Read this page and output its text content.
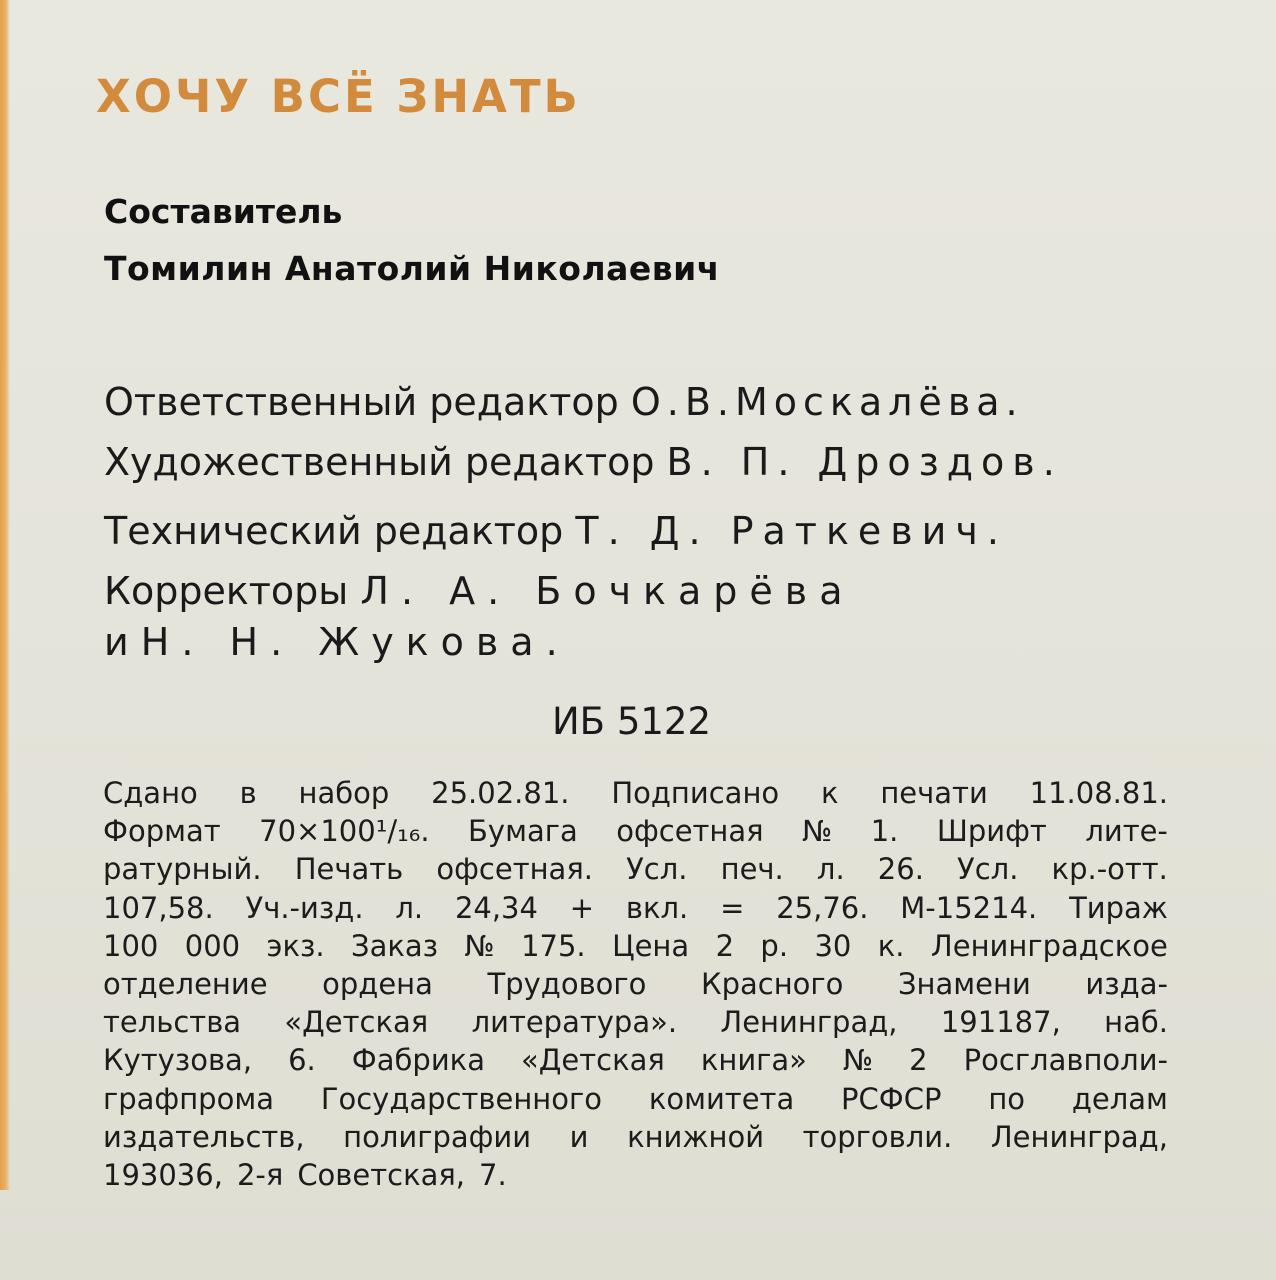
ХОЧУ ВСЁ ЗНАТЬ
Составитель
Томилин Анатолий Николаевич
Ответственный редактор О.В.Москалёва.
Художественный редактор В. П. Дроздов.
Технический редактор Т. Д. Раткевич.
Корректоры Л. А. Бочкарёва
и Н. Н. Жукова.
ИБ 5122
Сдано в набор 25.02.81. Подписано к печати 11.08.81.
Формат 70×100¹/₁₆. Бумага офсетная № 1. Шрифт лите-
ратурный. Печать офсетная. Усл. печ. л. 26. Усл. кр.-отт.
107,58. Уч.-изд. л. 24,34 + вкл. = 25,76. М-15214. Тираж
100 000 экз. Заказ № 175. Цена 2 р. 30 к. Ленинградское
отделение ордена Трудового Красного Знамени изда-
тельства «Детская литература». Ленинград, 191187, наб.
Кутузова, 6. Фабрика «Детская книга» № 2 Росглавполи-
графпрома Государственного комитета РСФСР по делам
издательств, полиграфии и книжной торговли. Ленинград,
193036, 2-я Советская, 7.
